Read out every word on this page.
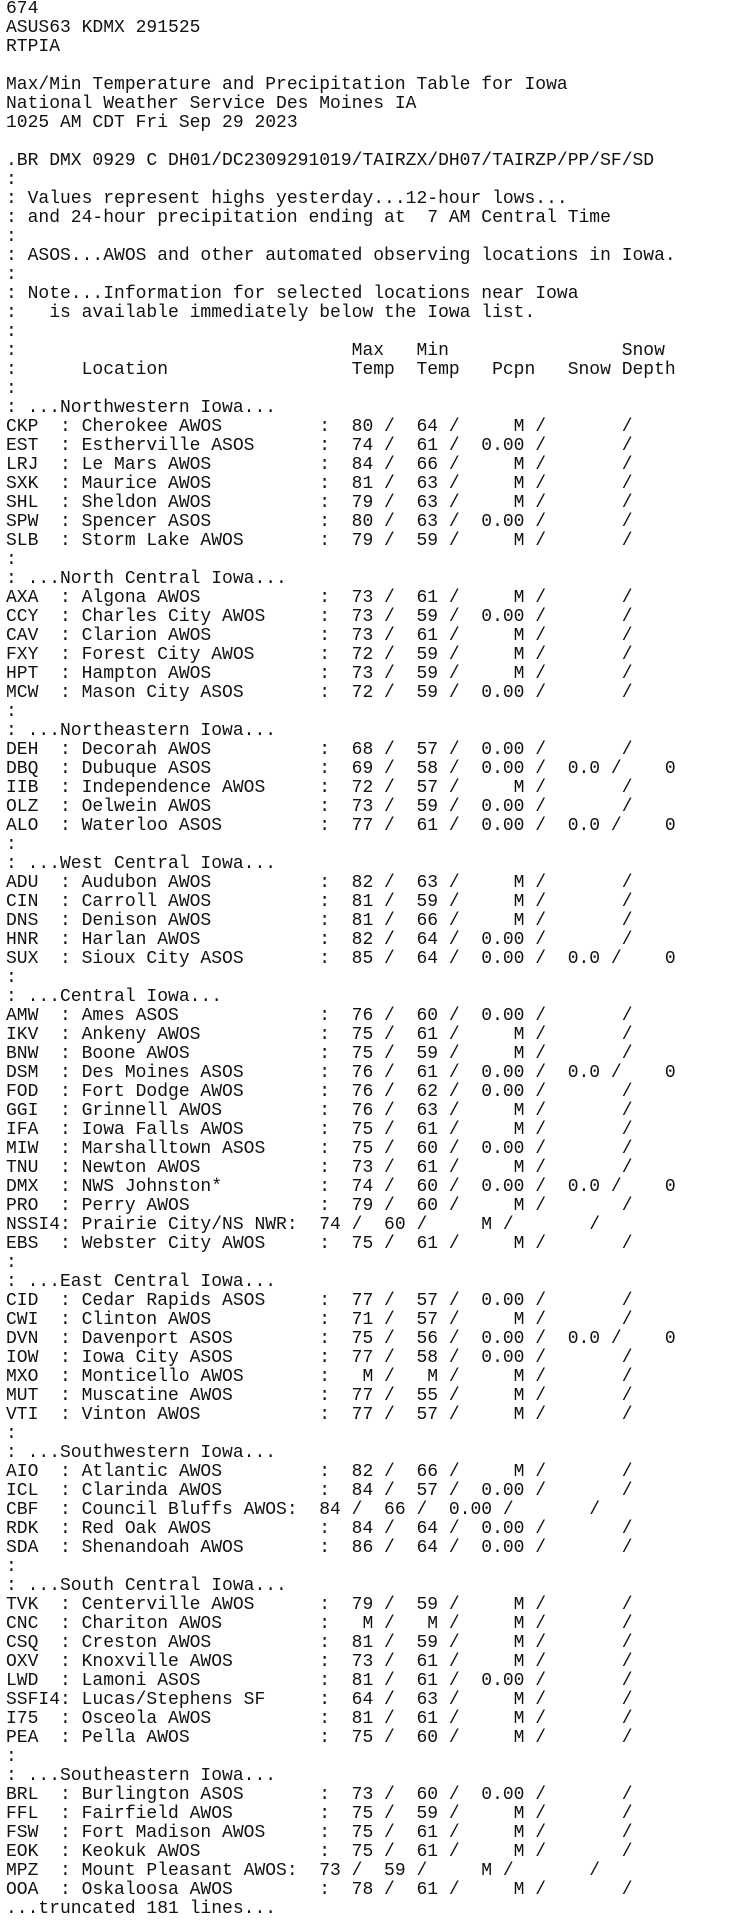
674
ASUS63 KDMX 291525
RTPIA
Max/Min Temperature and Precipitation Table for Iowa
National Weather Service Des Moines IA
1025 AM CDT Fri Sep 29 2023
.BR DMX 0929 C DH01/DC2309291019/TAIRZX/DH07/TAIRZP/PP/SF/SD
:
: Values represent highs yesterday...12-hour lows...
: and 24-hour precipitation ending at  7 AM Central Time
:
: ASOS...AWOS and other automated observing locations in Iowa.
:
: Note...Information for selected locations near Iowa
:   is available immediately below the Iowa list.
:
:                               Max   Min                Snow
:      Location                 Temp  Temp   Pcpn   Snow Depth
:
: ...Northwestern Iowa...
CKP  : Cherokee AWOS         :  80 /  64 /     M /       /
EST  : Estherville ASOS      :  74 /  61 /  0.00 /       /
LRJ  : Le Mars AWOS          :  84 /  66 /     M /       /
SXK  : Maurice AWOS          :  81 /  63 /     M /       /
SHL  : Sheldon AWOS          :  79 /  63 /     M /       /
SPW  : Spencer ASOS          :  80 /  63 /  0.00 /       /
SLB  : Storm Lake AWOS       :  79 /  59 /     M /       /
:
: ...North Central Iowa...
AXA  : Algona AWOS           :  73 /  61 /     M /       /
CCY  : Charles City AWOS     :  73 /  59 /  0.00 /       /
CAV  : Clarion AWOS          :  73 /  61 /     M /       /
FXY  : Forest City AWOS      :  72 /  59 /     M /       /
HPT  : Hampton AWOS          :  73 /  59 /     M /       /
MCW  : Mason City ASOS       :  72 /  59 /  0.00 /       /
:
: ...Northeastern Iowa...
DEH  : Decorah AWOS          :  68 /  57 /  0.00 /       /
DBQ  : Dubuque ASOS          :  69 /  58 /  0.00 /  0.0 /    0
IIB  : Independence AWOS     :  72 /  57 /     M /       /
OLZ  : Oelwein AWOS          :  73 /  59 /  0.00 /       /
ALO  : Waterloo ASOS         :  77 /  61 /  0.00 /  0.0 /    0
:
: ...West Central Iowa...
ADU  : Audubon AWOS          :  82 /  63 /     M /       /
CIN  : Carroll AWOS          :  81 /  59 /     M /       /
DNS  : Denison AWOS          :  81 /  66 /     M /       /
HNR  : Harlan AWOS           :  82 /  64 /  0.00 /       /
SUX  : Sioux City ASOS       :  85 /  64 /  0.00 /  0.0 /    0
:
: ...Central Iowa...
AMW  : Ames ASOS             :  76 /  60 /  0.00 /       /
IKV  : Ankeny AWOS           :  75 /  61 /     M /       /
BNW  : Boone AWOS            :  75 /  59 /     M /       /
DSM  : Des Moines ASOS       :  76 /  61 /  0.00 /  0.0 /    0
FOD  : Fort Dodge AWOS       :  76 /  62 /  0.00 /       /
GGI  : Grinnell AWOS         :  76 /  63 /     M /       /
IFA  : Iowa Falls AWOS       :  75 /  61 /     M /       /
MIW  : Marshalltown ASOS     :  75 /  60 /  0.00 /       /
TNU  : Newton AWOS           :  73 /  61 /     M /       /
DMX  : NWS Johnston*         :  74 /  60 /  0.00 /  0.0 /    0
PRO  : Perry AWOS            :  79 /  60 /     M /       /
NSSI4: Prairie City/NS NWR:  74 /  60 /     M /       /
EBS  : Webster City AWOS     :  75 /  61 /     M /       /
:
: ...East Central Iowa...
CID  : Cedar Rapids ASOS     :  77 /  57 /  0.00 /       /
CWI  : Clinton AWOS          :  71 /  57 /     M /       /
DVN  : Davenport ASOS        :  75 /  56 /  0.00 /  0.0 /    0
IOW  : Iowa City ASOS        :  77 /  58 /  0.00 /       /
MXO  : Monticello AWOS       :   M /   M /     M /       /
MUT  : Muscatine AWOS        :  77 /  55 /     M /       /
VTI  : Vinton AWOS           :  77 /  57 /     M /       /
:
: ...Southwestern Iowa...
AIO  : Atlantic AWOS         :  82 /  66 /     M /       /
ICL  : Clarinda AWOS         :  84 /  57 /  0.00 /       /
CBF  : Council Bluffs AWOS:  84 /  66 /  0.00 /       /
RDK  : Red Oak AWOS          :  84 /  64 /  0.00 /       /
SDA  : Shenandoah AWOS       :  86 /  64 /  0.00 /       /
:
: ...South Central Iowa...
TVK  : Centerville AWOS      :  79 /  59 /     M /       /
CNC  : Chariton AWOS         :   M /   M /     M /       /
CSQ  : Creston AWOS          :  81 /  59 /     M /       /
OXV  : Knoxville AWOS        :  73 /  61 /     M /       /
LWD  : Lamoni ASOS           :  81 /  61 /  0.00 /       /
SSFI4: Lucas/Stephens SF     :  64 /  63 /     M /       /
I75  : Osceola AWOS          :  81 /  61 /     M /       /
PEA  : Pella AWOS            :  75 /  60 /     M /       /
:
: ...Southeastern Iowa...
BRL  : Burlington ASOS       :  73 /  60 /  0.00 /       /
FFL  : Fairfield AWOS        :  75 /  59 /     M /       /
FSW  : Fort Madison AWOS     :  75 /  61 /     M /       /
EOK  : Keokuk AWOS           :  75 /  61 /     M /       /
MPZ  : Mount Pleasant AWOS:  73 /  59 /     M /       /
OOA  : Oskaloosa AWOS        :  78 /  61 /     M /       /
...truncated 181 lines...
